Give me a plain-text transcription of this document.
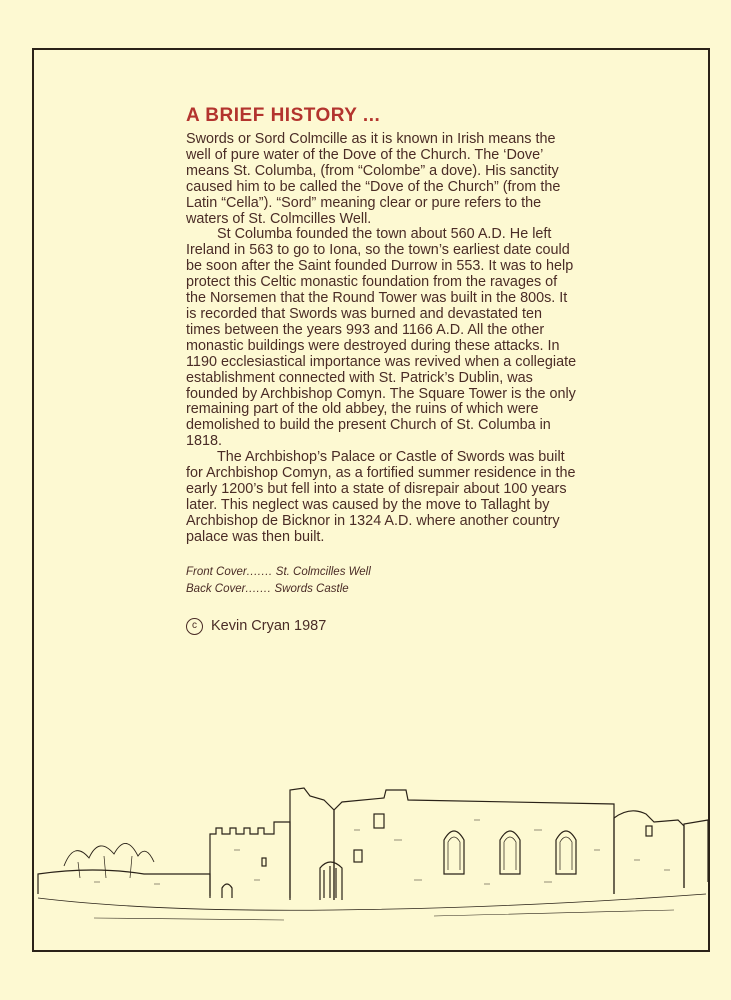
A BRIEF HISTORY ...

Swords or Sord Colmcille as it is known in Irish means the well of pure water of the Dove of the Church. The ‘Dove’ means St. Columba, (from “Colombe” a dove). His sanctity caused him to be called the “Dove of the Church” (from the Latin “Cella”). “Sord” meaning clear or pure refers to the waters of St. Colmcilles Well.

St Columba founded the town about 560 A.D. He left Ireland in 563 to go to Iona, so the town’s earliest date could be soon after the Saint founded Durrow in 553. It was to help protect this Celtic monastic foundation from the ravages of the Norsemen that the Round Tower was built in the 800s. It is recorded that Swords was burned and devastated ten times between the years 993 and 1166 A.D. All the other monastic buildings were destroyed during these attacks. In 1190 ecclesiastical importance was revived when a collegiate establishment connected with St. Patrick’s Dublin, was founded by Archbishop Comyn. The Square Tower is the only remaining part of the old abbey, the ruins of which were demolished to build the present Church of St. Columba in 1818.

The Archbishop’s Palace or Castle of Swords was built for Archbishop Comyn, as a fortified summer residence in the early 1200’s but fell into a state of disrepair about 100 years later. This neglect was caused by the move to Tallaght by Archbishop de Bicknor in 1324 A.D. where another country palace was then built.

Front Cover....... St. Colmcilles Well
Back Cover....... Swords Castle
c Kevin Cryan 1987
